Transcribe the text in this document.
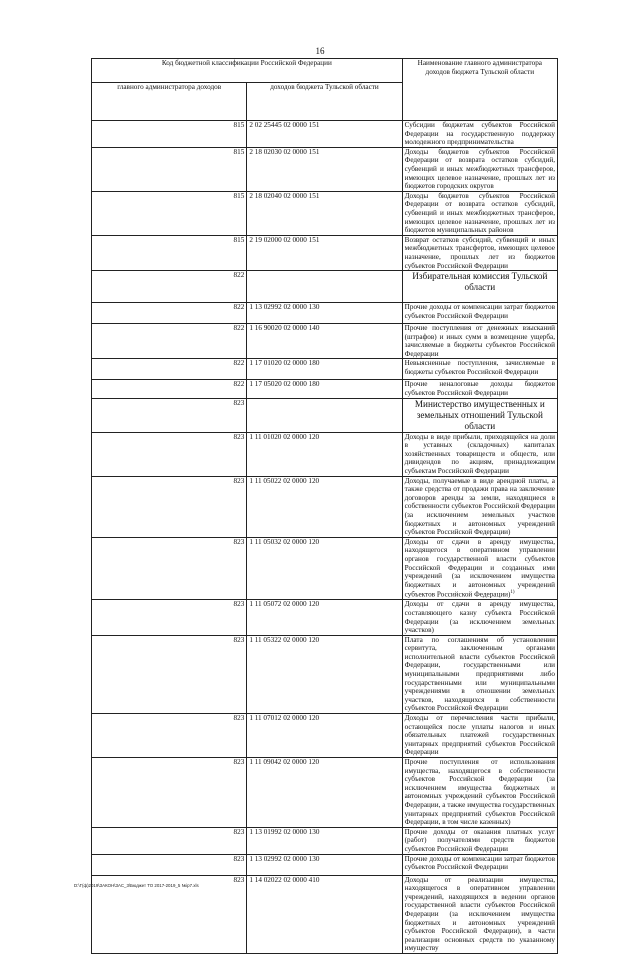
16
Код бюджетной классификации Российской Федерации		Наименование главного администратора доходов бюджета Тульской области
главного администратора доходов	доходов бюджета Тульской области	
815	2 02 25445 02 0000 151	Субсидии бюджетам субъектов Российской Федерации на государственную поддержку молодежного предпринимательства
815	2 18 02030 02 0000 151	Доходы бюджетов субъектов Российской Федерации от возврата остатков субсидий, субвенций и иных межбюджетных трансферов, имеющих целевое назначение, прошлых лет из бюджетов городских округов
815	2 18 02040 02 0000 151	Доходы бюджетов субъектов Российской Федерации от возврата остатков субсидий, субвенций и иных межбюджетных трансферов, имеющих целевое назначение, прошлых лет из бюджетов муниципальных районов
815	2 19 02000 02 0000 151	Возврат остатков субсидий, субвенций и иных межбюджетных трансфертов, имеющих целевое назначение, прошлых лет из бюджетов субъектов Российской Федерации
822		Избирательная комиссия Тульской области
822	1 13 02992 02 0000 130	Прочие доходы от компенсации затрат бюджетов субъектов Российской Федерации
822	1 16 90020 02 0000 140	Прочие поступления от денежных взысканий (штрафов) и иных сумм в возмещение ущерба, зачисляемые в бюджеты субъектов Российской Федерации
822	1 17 01020 02 0000 180	Невыясненные поступления, зачисляемые в бюджеты субъектов Российской Федерации
822	1 17 05020 02 0000 180	Прочие неналоговые доходы бюджетов субъектов Российской Федерации
823		Министерство имущественных и земельных отношений Тульской области
823	1 11 01020 02 0000 120	Доходы в виде прибыли, приходящейся на доли в уставных (складочных) капиталах хозяйственных товариществ и обществ, или дивидендов по акциям, принадлежащим субъектам Российской Федерации
823	1 11 05022 02 0000 120	Доходы, получаемые в виде арендной платы, а также средства от продажи права на заключение договоров аренды за земли, находящиеся в собственности субъектов Российской Федерации (за исключением земельных участков бюджетных и автономных учреждений субъектов Российской Федерации)
823	1 11 05032 02 0000 120	Доходы от сдачи в аренду имущества, находящегося в оперативном управлении органов государственной власти субъектов Российской Федерации и созданных ими учреждений (за исключением имущества бюджетных и автономных учреждений субъектов Российской Федерации)$^{1)}$
823	1 11 05072 02 0000 120	Доходы от сдачи в аренду имущества, составляющего казну субъекта Российской Федерации (за исключением земельных участков)
823	1 11 05322 02 0000 120	Плата по соглашениям об установлении сервитута, заключенным органами исполнительной власти субъектов Российской Федерации, государственными или муниципальными предприятиями либо государственными или муниципальными учреждениями в отношении земельных участков, находящихся в собственности субъектов Российской Федерации
823	1 11 07012 02 0000 120	Доходы от перечисления части прибыли, остающейся после уплаты налогов и иных обязательных платежей государственных унитарных предприятий субъектов Российской Федерации
823	1 11 09042 02 0000 120	Прочие поступления от использования имущества, находящегося в собственности субъектов Российской Федерации (за исключением имущества бюджетных и автономных учреждений субъектов Российской Федерации, а также имущества государственных унитарных предприятий субъектов Российской Федерации, в том числе казенных)
823	1 13 01992 02 0000 130	Прочие доходы от оказания платных услуг (работ) получателями средств бюджетов субъектов Российской Федерации
823	1 13 02992 02 0000 130	Прочие доходы от компенсации затрат бюджетов субъектов Российской Федерации
823	1 14 02022 02 0000 410	Доходы от реализации имущества, находящегося в оперативном управлении учреждений, находящихся в ведении органов государственной власти субъектов Российской Федерации (за исключением имущества бюджетных и автономных учреждений субъектов Российской Федерации), в части реализации основных средств по указанному имуществу
D:\Г(ф)2019\ЗАКОН\ЗАС_3\Бюджет ТО 2017-2019_5 №ip7.xls
